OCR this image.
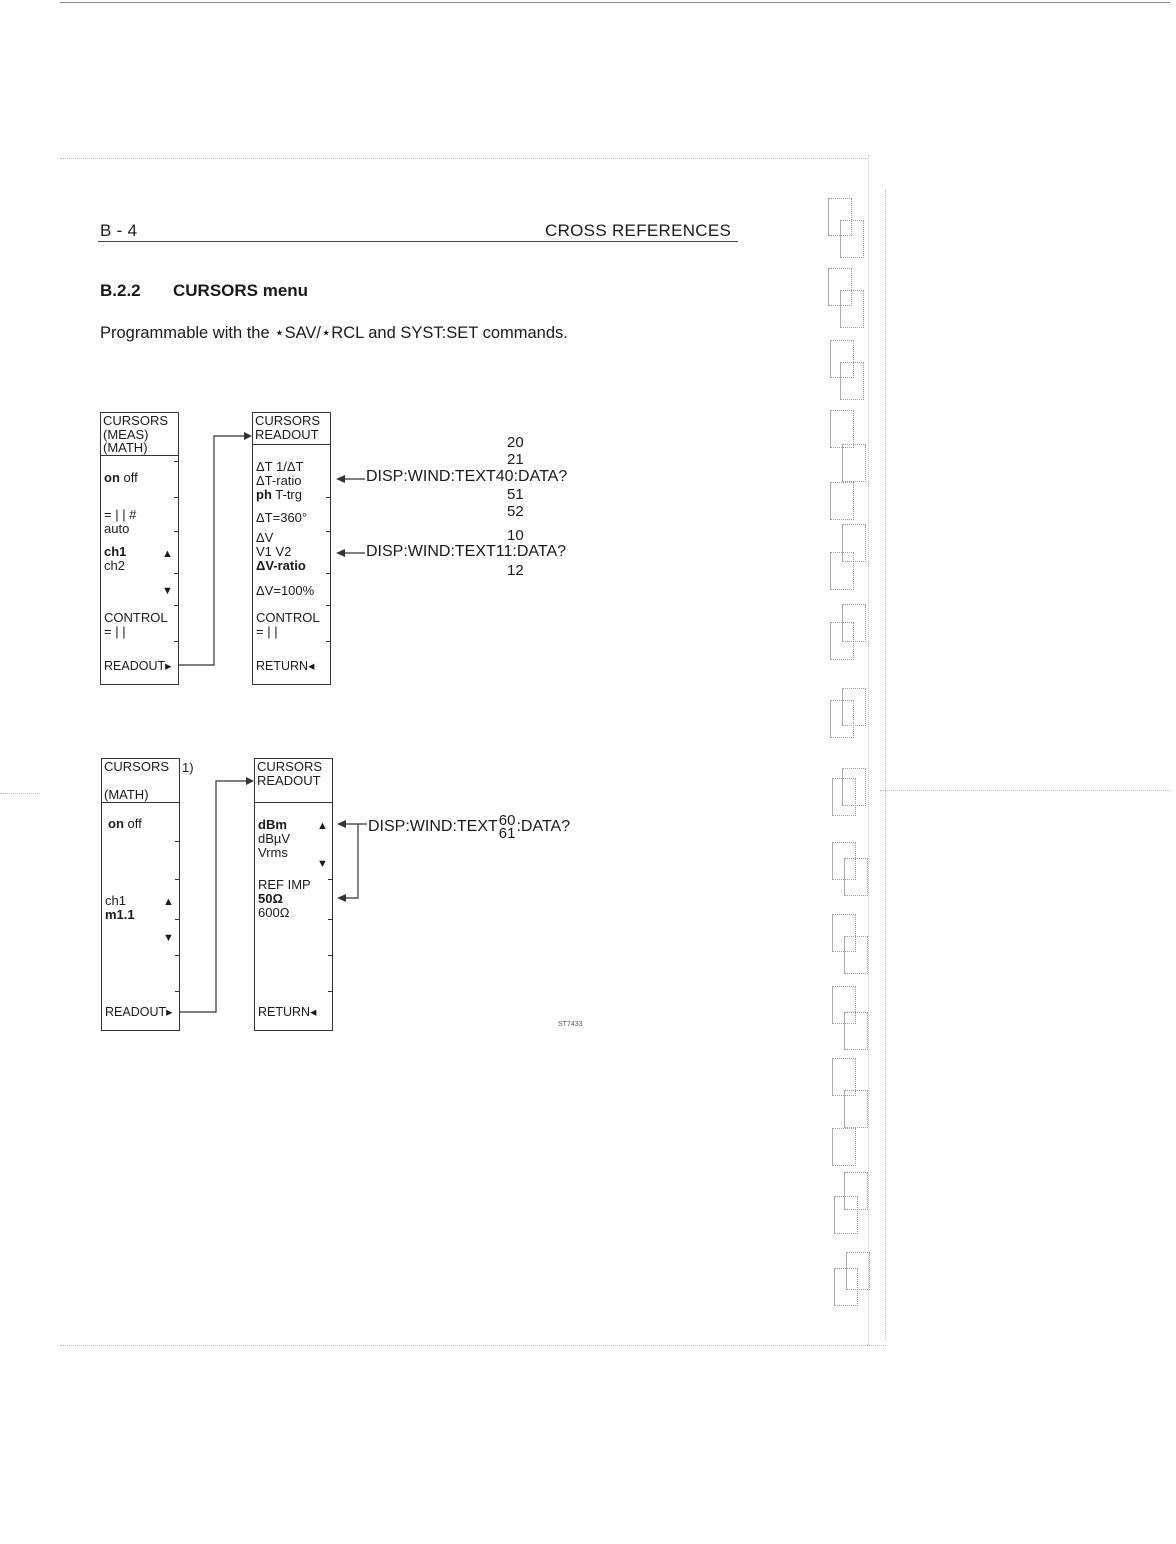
B - 4	CROSS REFERENCES
B.2.2 CURSORS menu
Programmable with the ⋆SAV/⋆RCL and SYST:SET commands.
CURSORS
(MEAS)
(MATH)
on off
= | | #
auto
ch1
ch2
▲
▼
CONTROL
= | |
READOUT▸
CURSORS
READOUT
ΔT 1/ΔT
ΔT-ratio
ph T-trg
ΔT=360°
ΔV
V1 V2
ΔV-ratio
ΔV=100%
CONTROL
= | |
RETURN◂
DISP:WIND:TEXT40:DATA?
20
21
51
52
10
DISP:WIND:TEXT11:DATA?
12
CURSORS
(MATH)
on off
ch1
m1.1
▲
▼
READOUT▸
1)	CURSORS
READOUT
dBm
dBµV
Vrms
▲
▼
REF IMP
50Ω
600Ω
RETURN◂
DISP:WIND:TEXT 60
61 :DATA?
ST7433
